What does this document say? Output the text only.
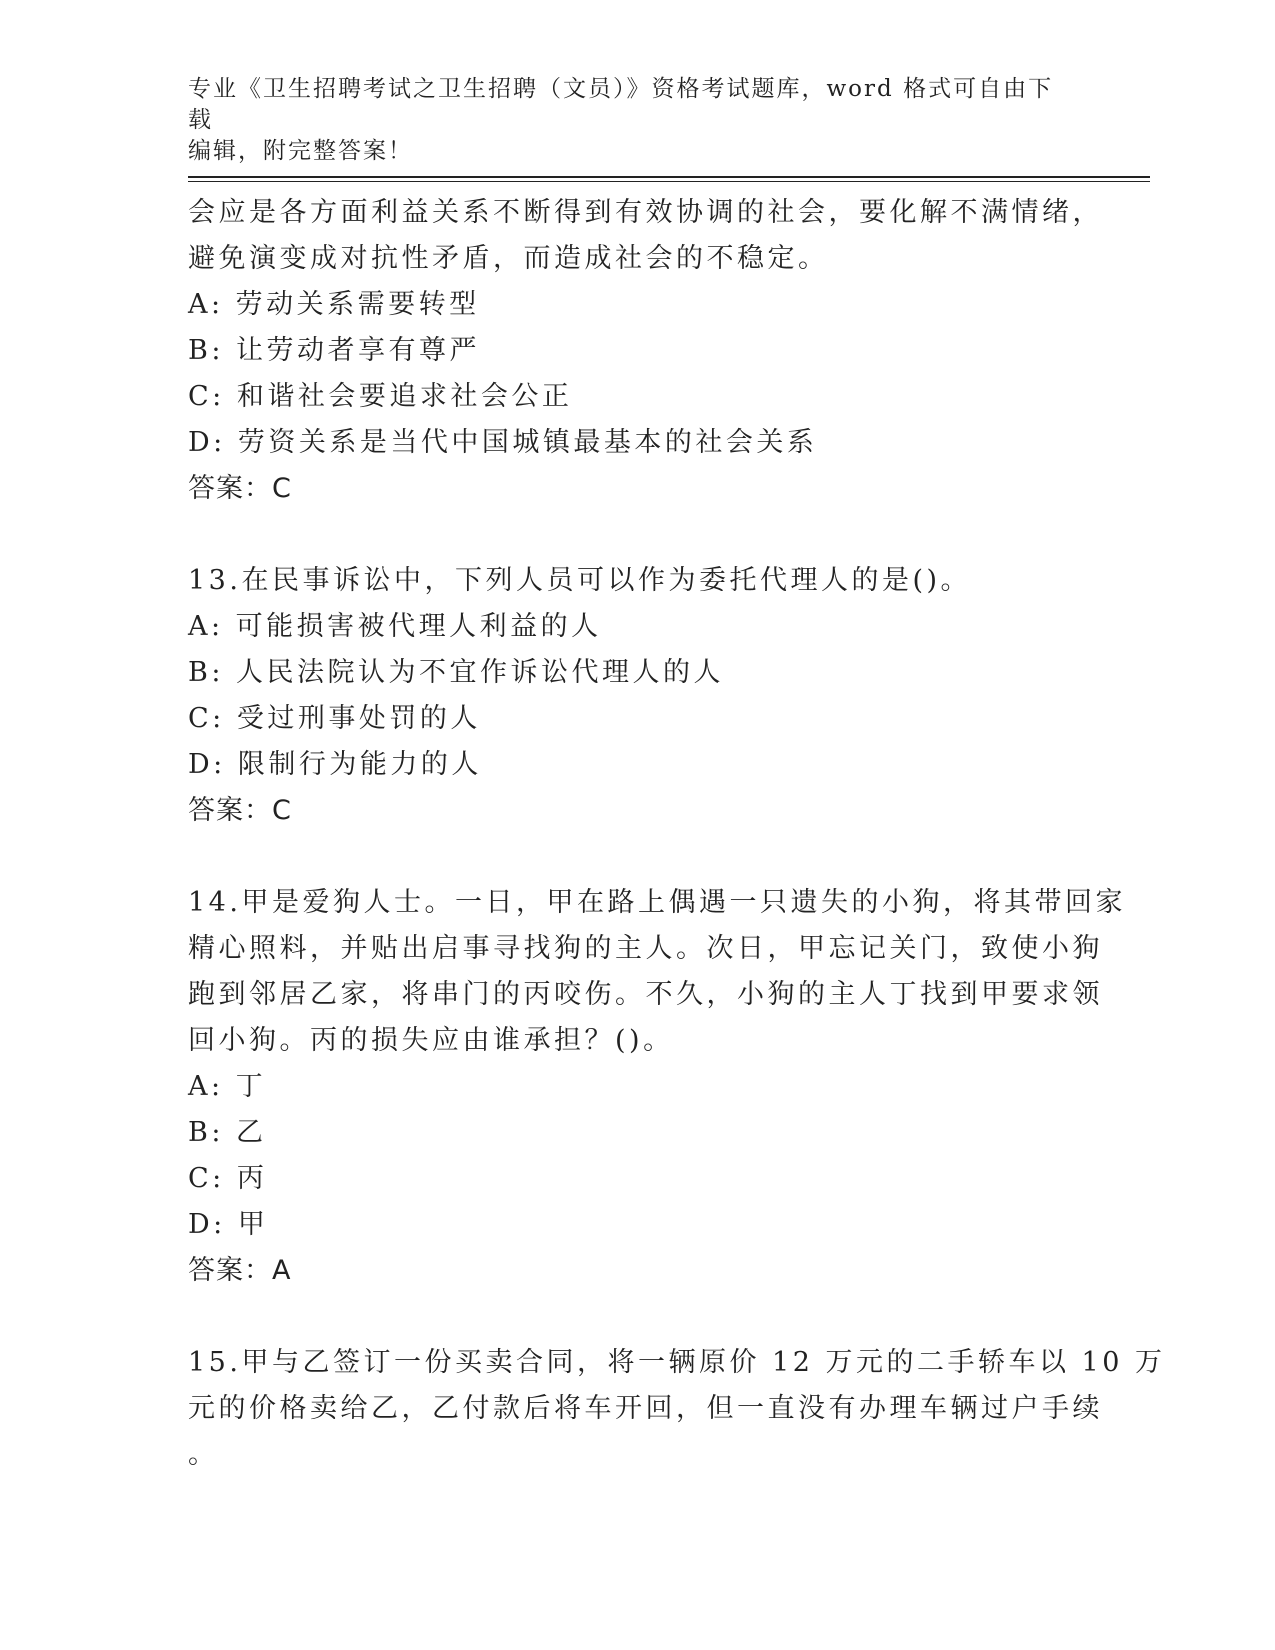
专业《卫生招聘考试之卫生招聘（文员）》资格考试题库，word 格式可自由下载
编辑，附完整答案！
会应是各方面利益关系不断得到有效协调的社会，要化解不满情绪，
避免演变成对抗性矛盾，而造成社会的不稳定。
A: 劳动关系需要转型
B: 让劳动者享有尊严
C: 和谐社会要追求社会公正
D: 劳资关系是当代中国城镇最基本的社会关系
答案：C
13.在民事诉讼中，下列人员可以作为委托代理人的是()。
A: 可能损害被代理人利益的人
B: 人民法院认为不宜作诉讼代理人的人
C: 受过刑事处罚的人
D: 限制行为能力的人
答案：C
14.甲是爱狗人士。一日，甲在路上偶遇一只遗失的小狗，将其带回家
精心照料，并贴出启事寻找狗的主人。次日，甲忘记关门，致使小狗
跑到邻居乙家，将串门的丙咬伤。不久，小狗的主人丁找到甲要求领
回小狗。丙的损失应由谁承担？()。
A: 丁
B: 乙
C: 丙
D: 甲
答案：A
15.甲与乙签订一份买卖合同，将一辆原价 12 万元的二手轿车以 10 万
元的价格卖给乙，乙付款后将车开回，但一直没有办理车辆过户手续
。
